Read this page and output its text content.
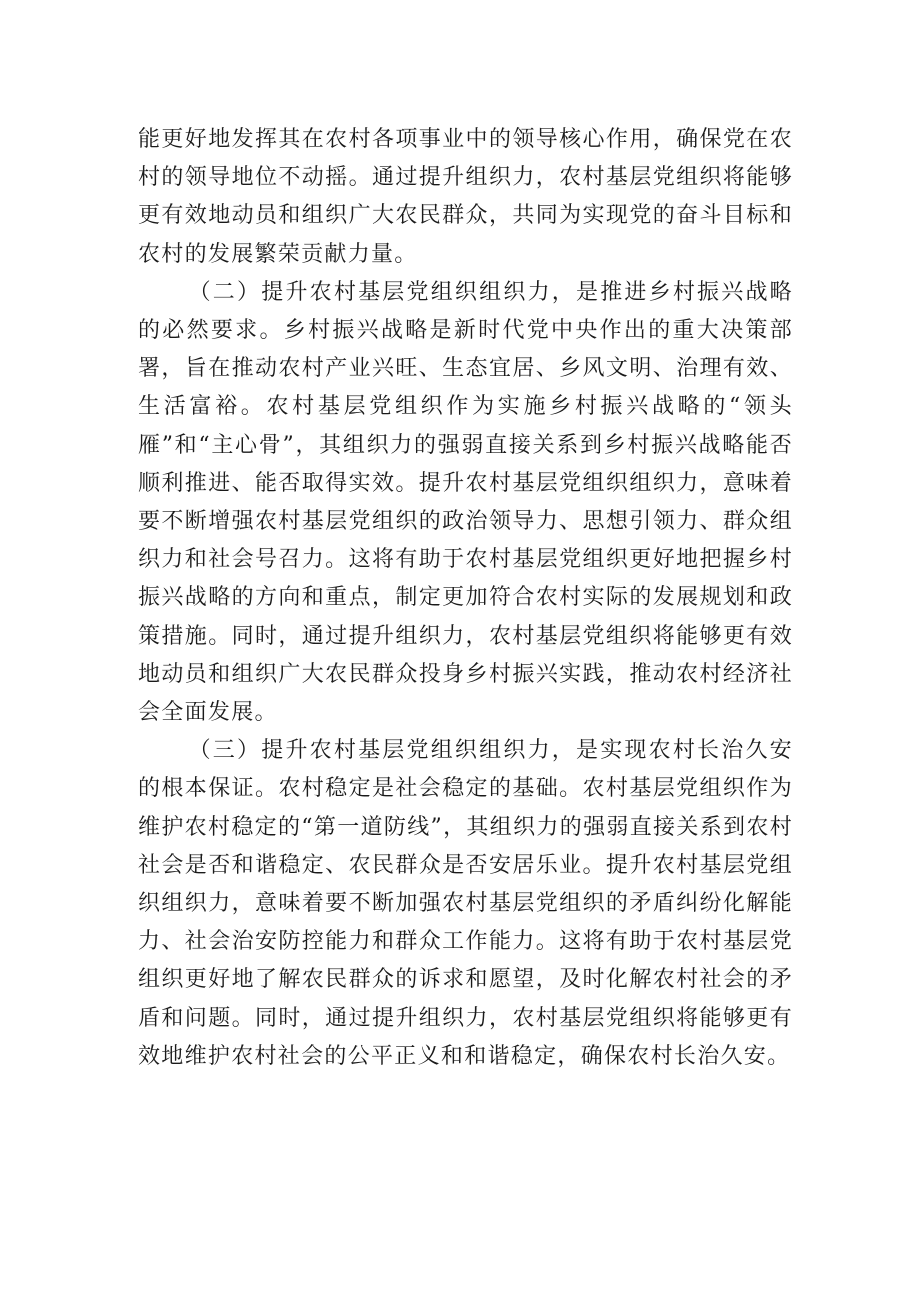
能更好地发挥其在农村各项事业中的领导核心作用，确保党在农村的领导地位不动摇。通过提升组织力，农村基层党组织将能够更有效地动员和组织广大农民群众，共同为实现党的奋斗目标和农村的发展繁荣贡献力量。

（二）提升农村基层党组织组织力，是推进乡村振兴战略的必然要求。乡村振兴战略是新时代党中央作出的重大决策部署，旨在推动农村产业兴旺、生态宜居、乡风文明、治理有效、生活富裕。农村基层党组织作为实施乡村振兴战略的“领头雁”和“主心骨”，其组织力的强弱直接关系到乡村振兴战略能否顺利推进、能否取得实效。提升农村基层党组织组织力，意味着要不断增强农村基层党组织的政治领导力、思想引领力、群众组织力和社会号召力。这将有助于农村基层党组织更好地把握乡村振兴战略的方向和重点，制定更加符合农村实际的发展规划和政策措施。同时，通过提升组织力，农村基层党组织将能够更有效地动员和组织广大农民群众投身乡村振兴实践，推动农村经济社会全面发展。

（三）提升农村基层党组织组织力，是实现农村长治久安的根本保证。农村稳定是社会稳定的基础。农村基层党组织作为维护农村稳定的“第一道防线”，其组织力的强弱直接关系到农村社会是否和谐稳定、农民群众是否安居乐业。提升农村基层党组织组织力，意味着要不断加强农村基层党组织的矛盾纠纷化解能力、社会治安防控能力和群众工作能力。这将有助于农村基层党组织更好地了解农民群众的诉求和愿望，及时化解农村社会的矛盾和问题。同时，通过提升组织力，农村基层党组织将能够更有效地维护农村社会的公平正义和和谐稳定，确保农村长治久安。
